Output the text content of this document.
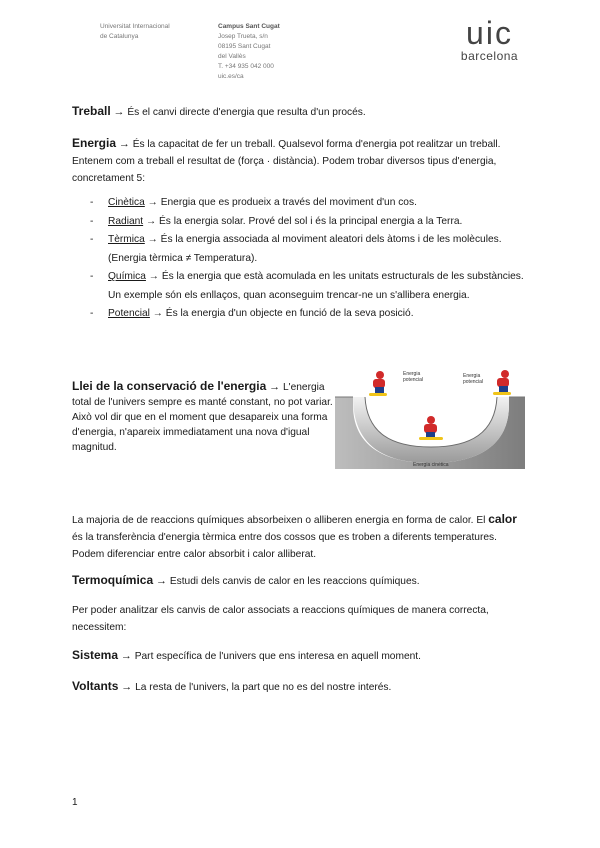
Universitat Internacional
de Catalunya
Campus Sant Cugat
Josep Trueta, s/n
08195 Sant Cugat
del Vallès
T. +34 935 042 000
uic.es/ca
uic
barcelona
Treball → És el canvi directe d'energia que resulta d'un procés.
Energia → És la capacitat de fer un treball. Qualsevol forma d'energia pot realitzar un treball. Entenem com a treball el resultat de (força · distància). Podem trobar diversos tipus d'energia, concretament 5:
- Cinètica → Energia que es produeix a través del moviment d'un cos.
- Radiant → És la energia solar. Prové del sol i és la principal energia a la Terra.
- Tèrmica → És la energia associada al moviment aleatori dels àtoms i de les molècules. (Energia tèrmica ≠ Temperatura).
- Química → És la energia que està acomulada en les unitats estructurals de les substàncies. Un exemple són els enllaços, quan aconseguim trencar-ne un s'allibera energia.
- Potencial → És la energia d'un objecte en funció de la seva posició.
Llei de la conservació de l'energia → L'energia total de l'univers sempre es manté constant, no pot variar. Això vol dir que en el moment que desapareix una forma d'energia, n'apareix immediatament una nova d'igual magnitud.
Energia
potencial
Energia
potencial
Energia cinètica
La majoria de de reaccions químiques absorbeixen o alliberen energia en forma de calor. El calor és la transferència d'energia tèrmica entre dos cossos que es troben a diferents temperatures. Podem diferenciar entre calor absorbit i calor alliberat.
Termoquímica → Estudi dels canvis de calor en les reaccions químiques.
Per poder analitzar els canvis de calor associats a reaccions químiques de manera correcta, necessitem:
Sistema → Part específica de l'univers que ens interesa en aquell moment.
Voltants → La resta de l'univers, la part que no es del nostre interés.
1
